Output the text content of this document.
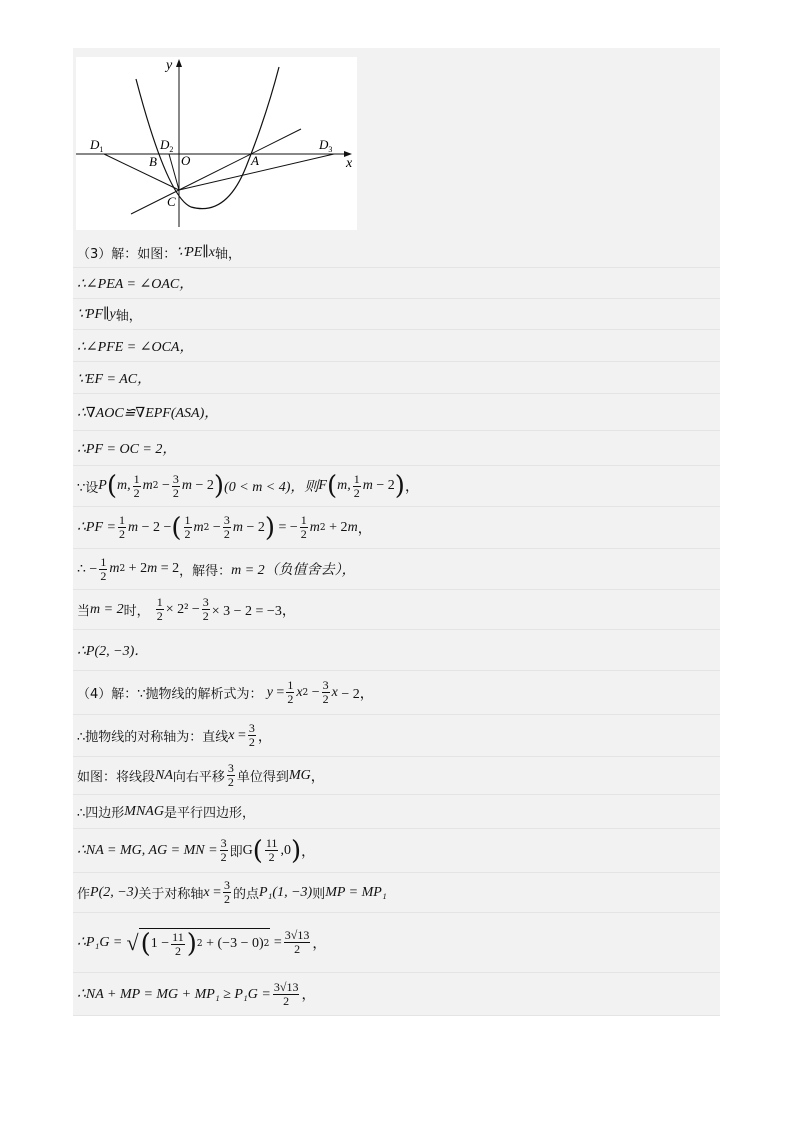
y
x
O	A
B
C
$D_1$	$D_2$	$D_3$
（3）解：如图： ∵PE∥x 轴，
∴∠PEA = ∠OAC，
∵PF∥y 轴，
∴∠PFE = ∠OCA，
∵EF = AC，
∴∇AOC≌∇EPF(ASA)，
∴PF = OC = 2，
∵设 P ( m, $\frac{1}{2}$ m $2 - \frac{3}{2}$ m − 2 ) (0 < m < 4)，则 F ( m, $\frac{1}{2}$ m − 2 ) ，
∴PF = $\frac{1}{2}$ m − 2 − ( $\frac{1}{2}$ m $2 - \frac{3}{2}$ m − 2 ) = − $\frac{1}{2}$ m 2 + 2 m ，
∴ − $\frac{1}{2}$ m 2 + 2 m = 2 ，解得： m = 2（负值舍去），
当 m = 2 时，
$\frac{1}{2} \times 2^2 - \frac{3}{2} \times 3 - 2 = -3$，
∴P(2, −3)．
（4）解：∵抛物线的解析式为：
$y = \frac{1}{2}$ x $2 - \frac{3}{2}$ x − 2，
∴抛物线的对称轴为：直线 $x = \frac{3}{2}$ ，
如图：将线段 NA 向右平移 $\frac{3}{2}$ 单位得到 MG ，
∴四边形 MNAG 是平行四边形，
∴NA = MG, AG = MN = $\frac{3}{2}$ 即 G ( $\frac{11}{2} ,0$ ) ，
作 P(2, −3) 关于对称轴 $x = \frac{3}{2}$ 的点 P₁(1, −3) 则 MP = MP₁
∴P₁G =
√ ( $1 - \frac{11}{2}$ ) 2 + (−3 − 0) $2 = \frac{3√13}{2}$ ，
∴NA + MP = MG + $MP_1 \ge P_1G = \frac{3√13}{2}$ ，
